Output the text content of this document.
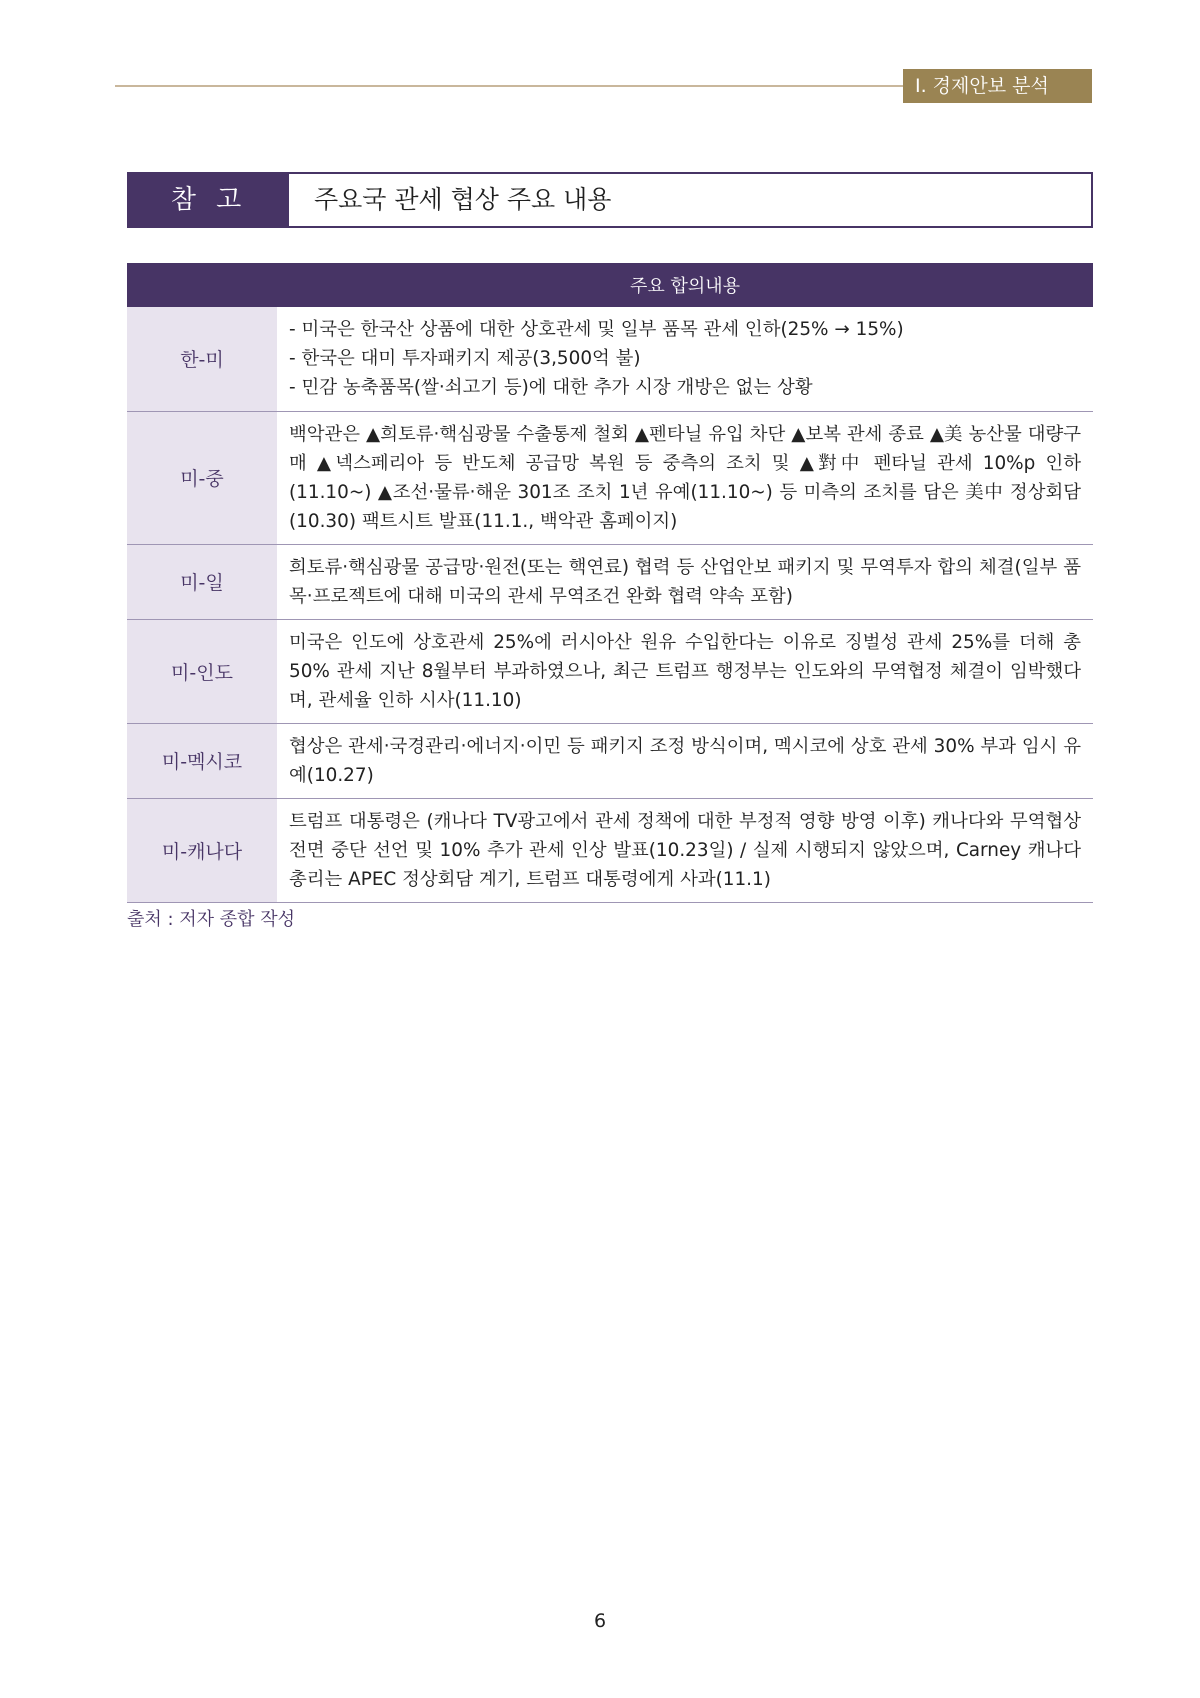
Ⅰ. 경제안보 분석
참 고	주요국 관세 협상 주요 내용
	주요 합의내용
한-미	- 미국은 한국산 상품에 대한 상호관세 및 일부 품목 관세 인하(25% → 15%)
- 한국은 대미 투자패키지 제공(3,500억 불)
- 민감 농축품목(쌀·쇠고기 등)에 대한 추가 시장 개방은 없는 상황

미-중	백악관은 ▲희토류·핵심광물 수출통제 철회 ▲펜타닐 유입 차단 ▲보복 관세 종료 ▲美 농산물 대량구매 ▲넥스페리아 등 반도체 공급망 복원 등 중측의 조치 및 ▲對中 펜타닐 관세 10%p 인하(11.10~) ▲조선·물류·해운 301조 조치 1년 유예(11.10~) 등 미측의 조치를 담은 美中 정상회담(10.30) 팩트시트 발표(11.1., 백악관 홈페이지)
미-일	희토류·핵심광물 공급망·원전(또는 핵연료) 협력 등 산업안보 패키지 및 무역투자 합의 체결(일부 품목·프로젝트에 대해 미국의 관세 무역조건 완화 협력 약속 포함)
미-인도	미국은 인도에 상호관세 25%에 러시아산 원유 수입한다는 이유로 징벌성 관세 25%를 더해 총 50% 관세 지난 8월부터 부과하였으나, 최근 트럼프 행정부는 인도와의 무역협정 체결이 임박했다며, 관세율 인하 시사(11.10)
미-멕시코	협상은 관세·국경관리·에너지·이민 등 패키지 조정 방식이며, 멕시코에 상호 관세 30% 부과 임시 유예(10.27)
미-캐나다	트럼프 대통령은 (캐나다 TV광고에서 관세 정책에 대한 부정적 영향 방영 이후) 캐나다와 무역협상 전면 중단 선언 및 10% 추가 관세 인상 발표(10.23일) / 실제 시행되지 않았으며, Carney 캐나다 총리는 APEC 정상회담 계기, 트럼프 대통령에게 사과(11.1)
출처 : 저자 종합 작성
6
